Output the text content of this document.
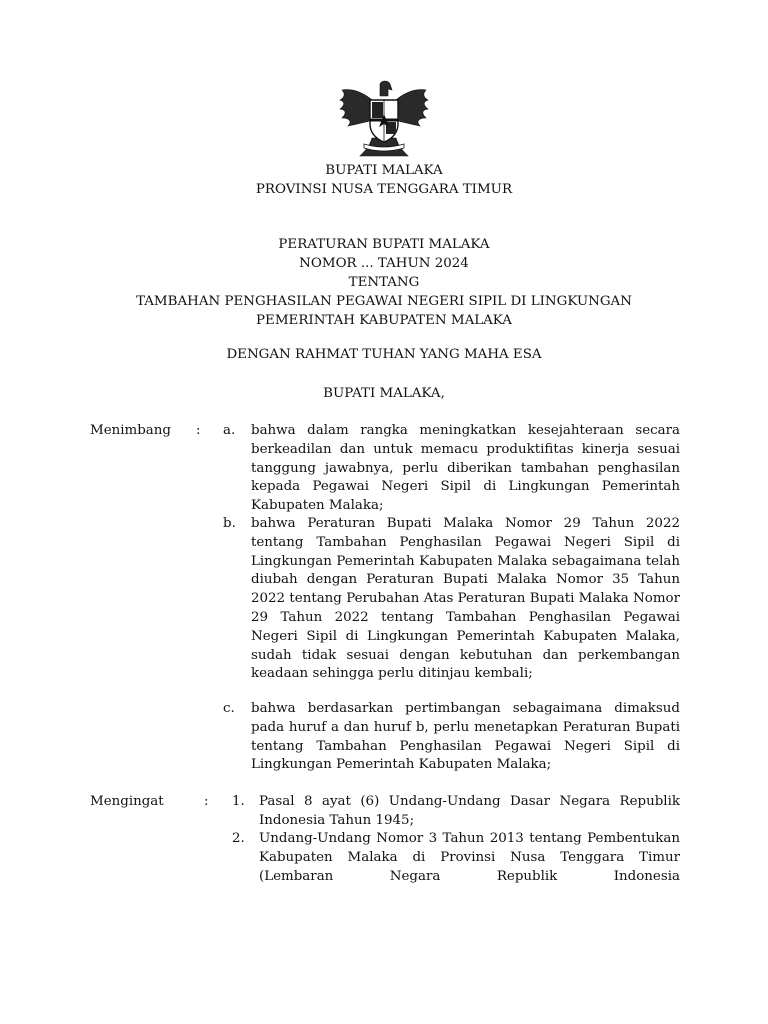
BUPATI MALAKA
PROVINSI NUSA TENGGARA TIMUR
PERATURAN BUPATI MALAKA
NOMOR ... TAHUN 2024
TENTANG
TAMBAHAN PENGHASILAN PEGAWAI NEGERI SIPIL DI LINGKUNGAN
PEMERINTAH KABUPATEN MALAKA
DENGAN RAHMAT TUHAN YANG MAHA ESA
BUPATI MALAKA,
Menimbang : a. bahwa dalam rangka meningkatkan kesejahteraan secara berkeadilan dan untuk memacu produktifitas kinerja sesuai tanggung jawabnya, perlu diberikan tambahan penghasilan kepada Pegawai Negeri Sipil di Lingkungan Pemerintah Kabupaten Malaka;
b. bahwa Peraturan Bupati Malaka Nomor 29 Tahun 2022 tentang Tambahan Penghasilan Pegawai Negeri Sipil di Lingkungan Pemerintah Kabupaten Malaka sebagaimana telah diubah dengan Peraturan Bupati Malaka Nomor 35 Tahun 2022 tentang Perubahan Atas Peraturan Bupati Malaka Nomor 29 Tahun 2022 tentang Tambahan Penghasilan Pegawai Negeri Sipil di Lingkungan Pemerintah Kabupaten Malaka, sudah tidak sesuai dengan kebutuhan dan perkembangan keadaan sehingga perlu ditinjau kembali;
c. bahwa berdasarkan pertimbangan sebagaimana dimaksud pada huruf a dan huruf b, perlu menetapkan Peraturan Bupati tentang Tambahan Penghasilan Pegawai Negeri Sipil di Lingkungan Pemerintah Kabupaten Malaka;
Mengingat	: 1. Pasal 8 ayat (6) Undang-Undang Dasar Negara Republik Indonesia Tahun 1945;
2. Undang-Undang Nomor 3 Tahun 2013 tentang Pembentukan Kabupaten Malaka di Provinsi Nusa Tenggara Timur (Lembaran Negara Republik Indonesia
